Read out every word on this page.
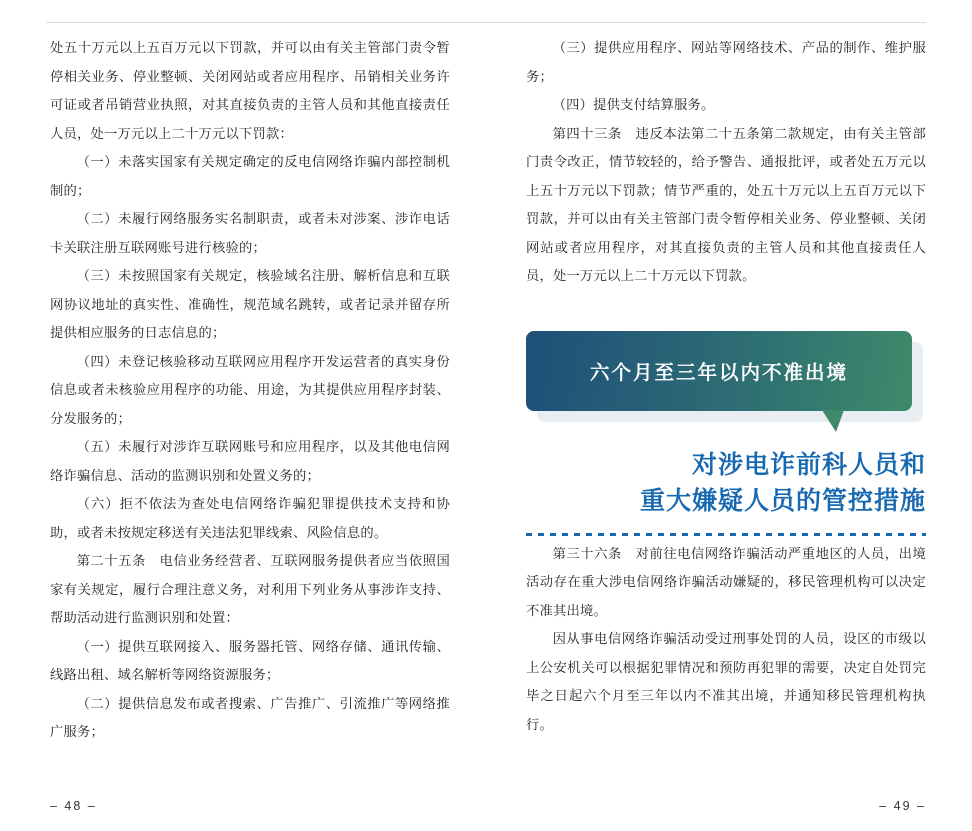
处五十万元以上五百万元以下罚款，并可以由有关主管部门责令暂停相关业务、停业整顿、关闭网站或者应用程序、吊销相关业务许可证或者吊销营业执照，对其直接负责的主管人员和其他直接责任人员，处一万元以上二十万元以下罚款：

（一）未落实国家有关规定确定的反电信网络诈骗内部控制机制的；

（二）未履行网络服务实名制职责，或者未对涉案、涉诈电话卡关联注册互联网账号进行核验的；

（三）未按照国家有关规定，核验域名注册、解析信息和互联网协议地址的真实性、准确性，规范域名跳转，或者记录并留存所提供相应服务的日志信息的；

（四）未登记核验移动互联网应用程序开发运营者的真实身份信息或者未核验应用程序的功能、用途，为其提供应用程序封装、分发服务的；

（五）未履行对涉诈互联网账号和应用程序，以及其他电信网络诈骗信息、活动的监测识别和处置义务的；

（六）拒不依法为查处电信网络诈骗犯罪提供技术支持和协助，或者未按规定移送有关违法犯罪线索、风险信息的。

第二十五条　电信业务经营者、互联网服务提供者应当依照国家有关规定，履行合理注意义务，对利用下列业务从事涉诈支持、帮助活动进行监测识别和处置：

（一）提供互联网接入、服务器托管、网络存储、通讯传输、线路出租、域名解析等网络资源服务；

（二）提供信息发布或者搜索、广告推广、引流推广等网络推广服务；

（三）提供应用程序、网站等网络技术、产品的制作、维护服务；

（四）提供支付结算服务。

第四十三条　违反本法第二十五条第二款规定，由有关主管部门责令改正，情节较轻的，给予警告、通报批评，或者处五万元以上五十万元以下罚款；情节严重的，处五十万元以上五百万元以下罚款，并可以由有关主管部门责令暂停相关业务、停业整顿、关闭网站或者应用程序，对其直接负责的主管人员和其他直接责任人员，处一万元以上二十万元以下罚款。

六个月至三年以内不准出境
对涉电诈前科人员和
重大嫌疑人员的管控措施

第三十六条　对前往电信网络诈骗活动严重地区的人员，出境活动存在重大涉电信网络诈骗活动嫌疑的，移民管理机构可以决定不准其出境。

因从事电信网络诈骗活动受过刑事处罚的人员，设区的市级以上公安机关可以根据犯罪情况和预防再犯罪的需要，决定自处罚完毕之日起六个月至三年以内不准其出境，并通知移民管理机构执行。

– 48 –	– 49 –
